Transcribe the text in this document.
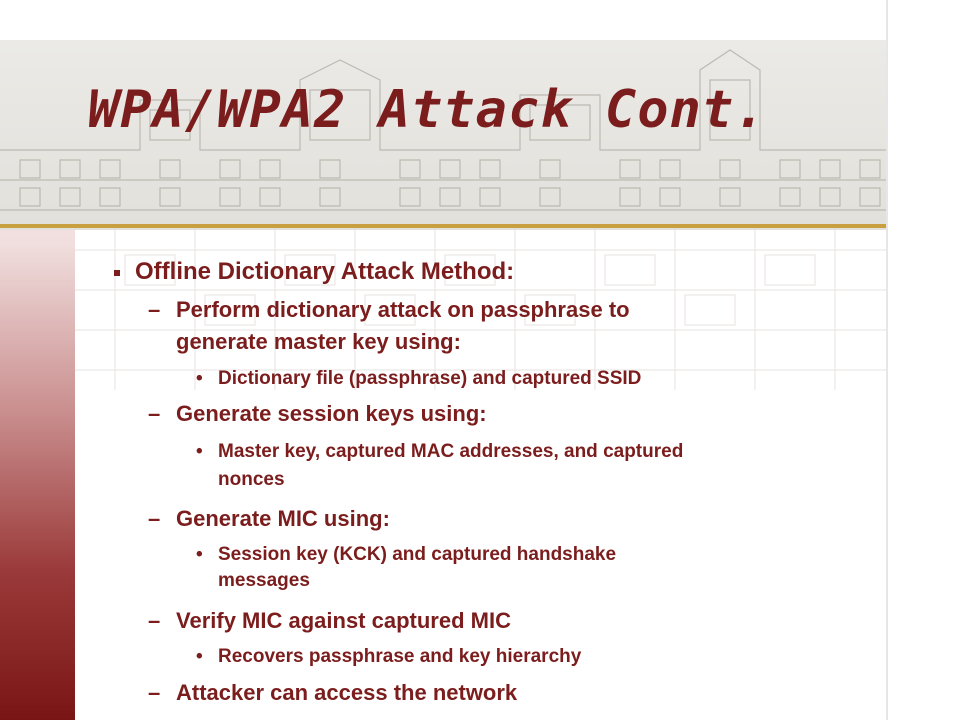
WPA/WPA2 Attack Cont.
Offline Dictionary Attack Method:
– Perform dictionary attack on passphrase to
generate master key using:
• Dictionary file (passphrase) and captured SSID
– Generate session keys using:
• Master key, captured MAC addresses, and captured
nonces
– Generate MIC using:
• Session key (KCK) and captured handshake
messages
– Verify MIC against captured MIC
• Recovers passphrase and key hierarchy
– Attacker can access the network
